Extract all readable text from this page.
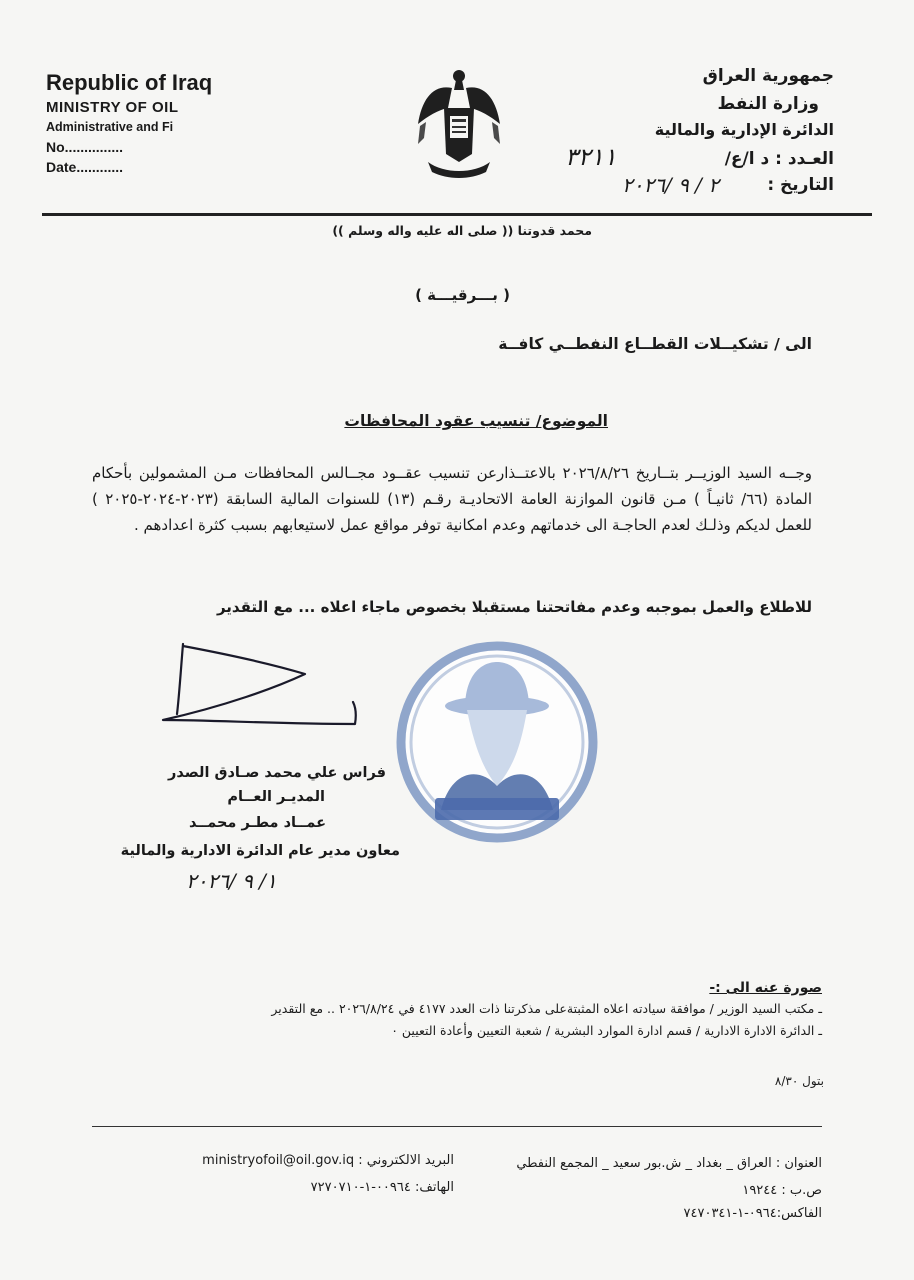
Republic of Iraq
MINISTRY OF OIL
Administrative and Fi
No...............
Date............
جمهورية العراق
وزارة النفط
الدائرة الإدارية والمالية
العـدد : د ا/ع/
التاريخ :
٣٢١١
٢ / ٩ /٢٠٢٦
محمد قدوتنا (( صلى اله عليه واله وسلم ))
( بـــرقيـــة )
الى / تشكيــلات القطــاع النفطــي كافــة
الموضوع/ تنسيب عقود المحافظات
وجــه السيد الوزيــر بتــاريخ ٢٠٢٦/٨/٢٦ بالاعتــذارعن تنسيب عقــود مجــالس المحافظات مـن المشمولين بأحكام المادة (٦٦/ ثانيـاً ) مـن قانون الموازنة العامة الاتحاديـة رقـم (١٣) للسنوات المالية السابقة (٢٠٢٣-٢٠٢٤-٢٠٢٥ ) للعمل لديكم وذلـك لعدم الحاجـة الى خدماتهم وعدم امكانية توفر مواقع عمل لاستيعابهم بسبب كثرة اعدادهم .
للاطلاع والعمل بموجبه وعدم مفاتحتنا مستقبلا بخصوص ماجاء اعلاه ... مع التقدير
فراس علي محمد صـادق الصدر
المديـر العــام
عمــاد مطـر محمــد
معاون مدير عام الدائرة الادارية والمالية
١/ ٩ /٢٠٢٦
صورة عنه الى :-
ـ مكتب السيد الوزير / موافقة سيادته اعلاه المثبتةعلى مذكرتنا ذات العدد ٤١٧٧ في ٢٠٢٦/٨/٢٤ .. مع التقدير
ـ الدائرة الادارة الادارية / قسم ادارة الموارد البشرية / شعبة التعيين وأعادة التعيين ٠
بتول ٨/٣٠
العنوان : العراق _ بغداد _ ش.بور سعيد _ المجمع النفطي
ص.ب : ١٩٢٤٤
الفاكس:٠٩٦٤-١-٧٤٧٠٣٤١
البريد الالكتروني : ministryofoil@oil.gov.iq
الهاتف: ٠٠٩٦٤-١-٧٢٧٠٧١٠
